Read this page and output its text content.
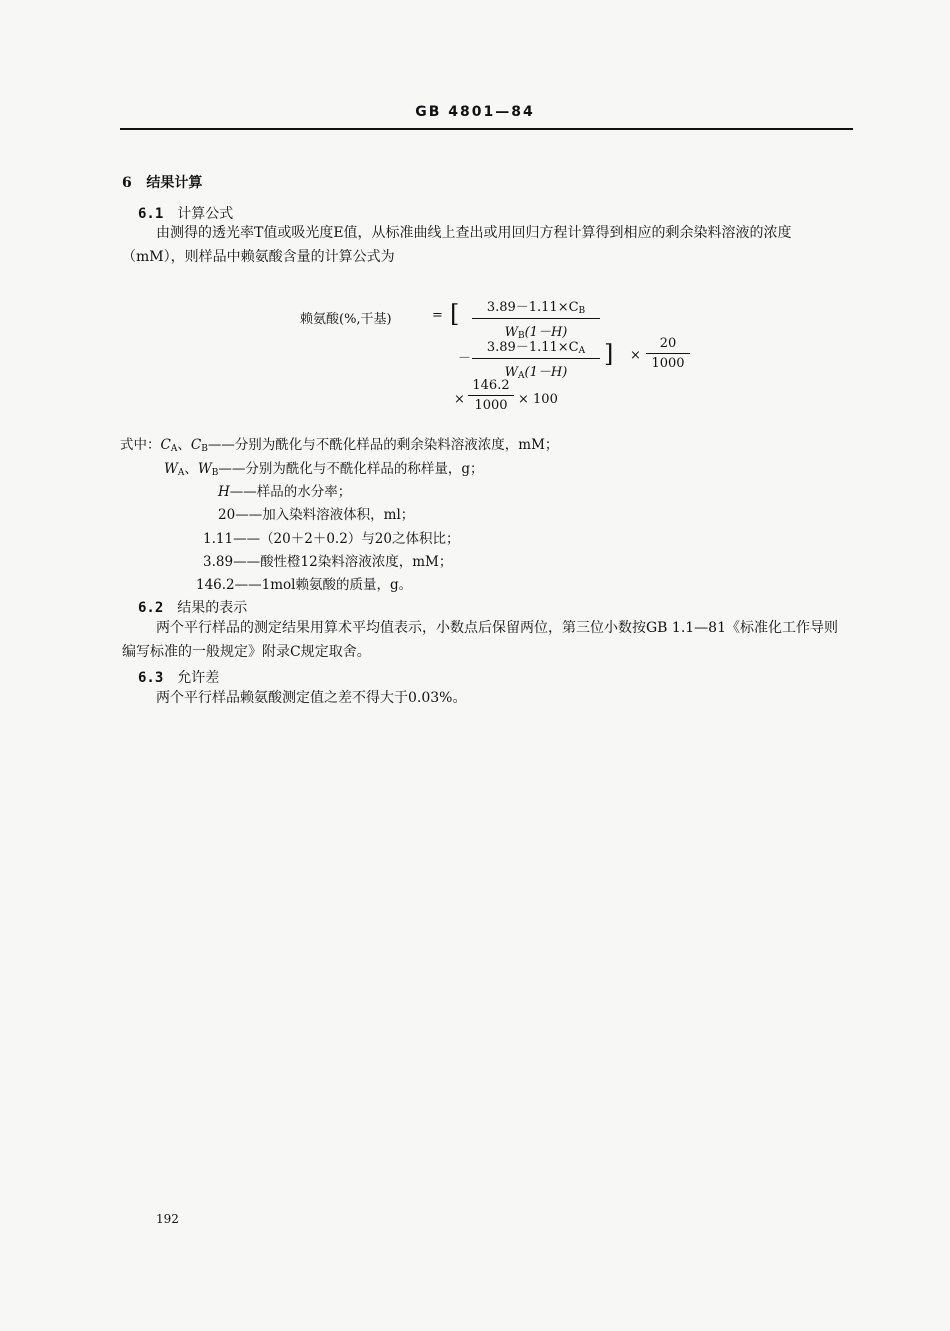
GB 4801—84
6 结果计算
6.1 计算公式

由测得的透光率T值或吸光度E值，从标准曲线上查出或用回归方程计算得到相应的剩余染料溶液的浓度（mM），则样品中赖氨酸含量的计算公式为

赖氨酸(%,干基)	= [	$3.89-1.11\times C_B$
$W_B(1-H)$
－
$3.89-1.11\times C_A$
$W_A(1-H)$
] ×
20
1000
×
146.2
1000 × 100
式中：$C_A$、$C_B——$分别为酰化与不酰化样品的剩余染料溶液浓度，mM；
$W_A$、$W_B——$分别为酰化与不酰化样品的称样量，g；
H——样品的水分率；
20——加入染料溶液体积，ml；
1.11——（20＋2＋0.2）与20之体积比；
3.89——酸性橙12染料溶液浓度，mM；
146.2——1mol赖氨酸的质量，g。
6.2 结果的表示

两个平行样品的测定结果用算术平均值表示，小数点后保留两位，第三位小数按GB 1.1—81《标准化工作导则　编写标准的一般规定》附录C规定取舍。

6.3 允许差

两个平行样品赖氨酸测定值之差不得大于0.03%。

192
